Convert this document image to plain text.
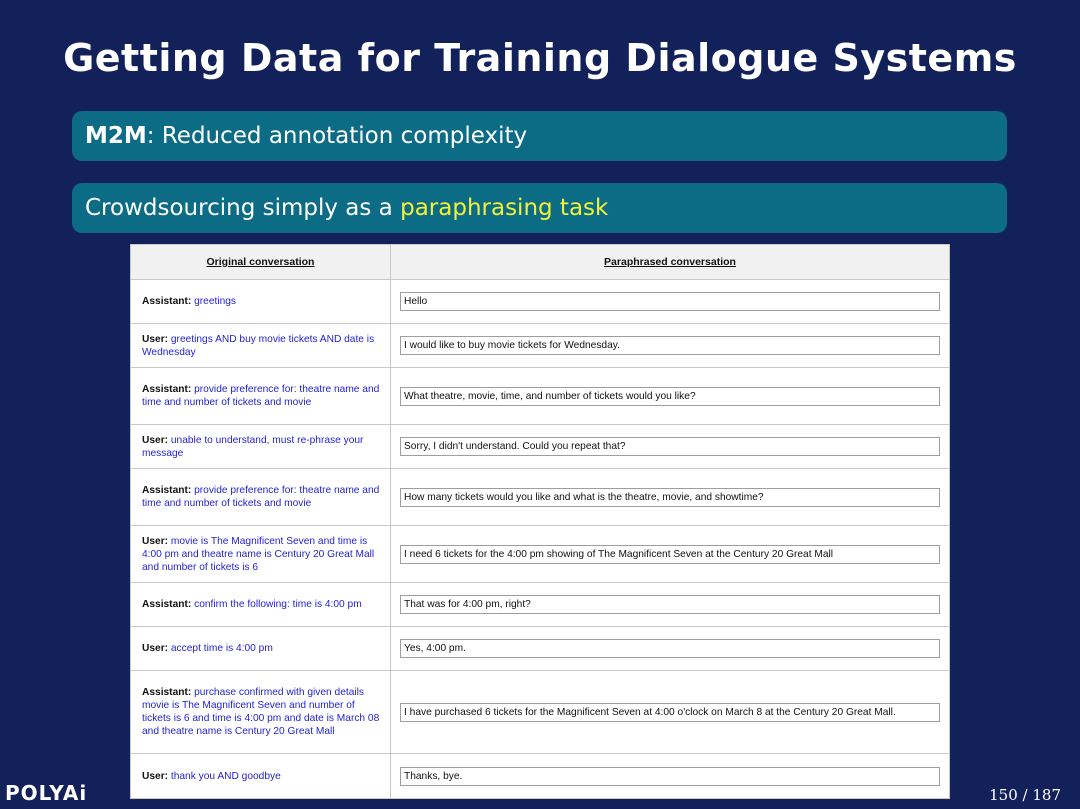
Getting Data for Training Dialogue Systems
M2M: Reduced annotation complexity
Crowdsourcing simply as a paraphrasing task
Original conversation	Paraphrased conversation
Assistant: greetings	Hello

User: greetings AND buy movie tickets AND date is Wednesday	I would like to buy movie tickets for Wednesday.

Assistant: provide preference for: theatre name and time and number of tickets and movie	What theatre, movie, time, and number of tickets would you like?

User: unable to understand, must re-phrase your message	Sorry, I didn't understand. Could you repeat that?

Assistant: provide preference for: theatre name and time and number of tickets and movie	How many tickets would you like and what is the theatre, movie, and showtime?

User: movie is The Magnificent Seven and time is 4:00 pm and theatre name is Century 20 Great Mall and number of tickets is 6	I need 6 tickets for the 4:00 pm showing of The Magnificent Seven at the Century 20 Great Mall

Assistant: confirm the following: time is 4:00 pm	That was for 4:00 pm, right?

User: accept time is 4:00 pm	Yes, 4:00 pm.

Assistant: purchase confirmed with given details movie is The Magnificent Seven and number of tickets is 6 and time is 4:00 pm and date is March 08 and theatre name is Century 20 Great Mall	I have purchased 6 tickets for the Magnificent Seven at 4:00 o'clock on March 8 at the Century 20 Great Mall.

User: thank you AND goodbye	Thanks, bye.
POLYAi	150 / 187
